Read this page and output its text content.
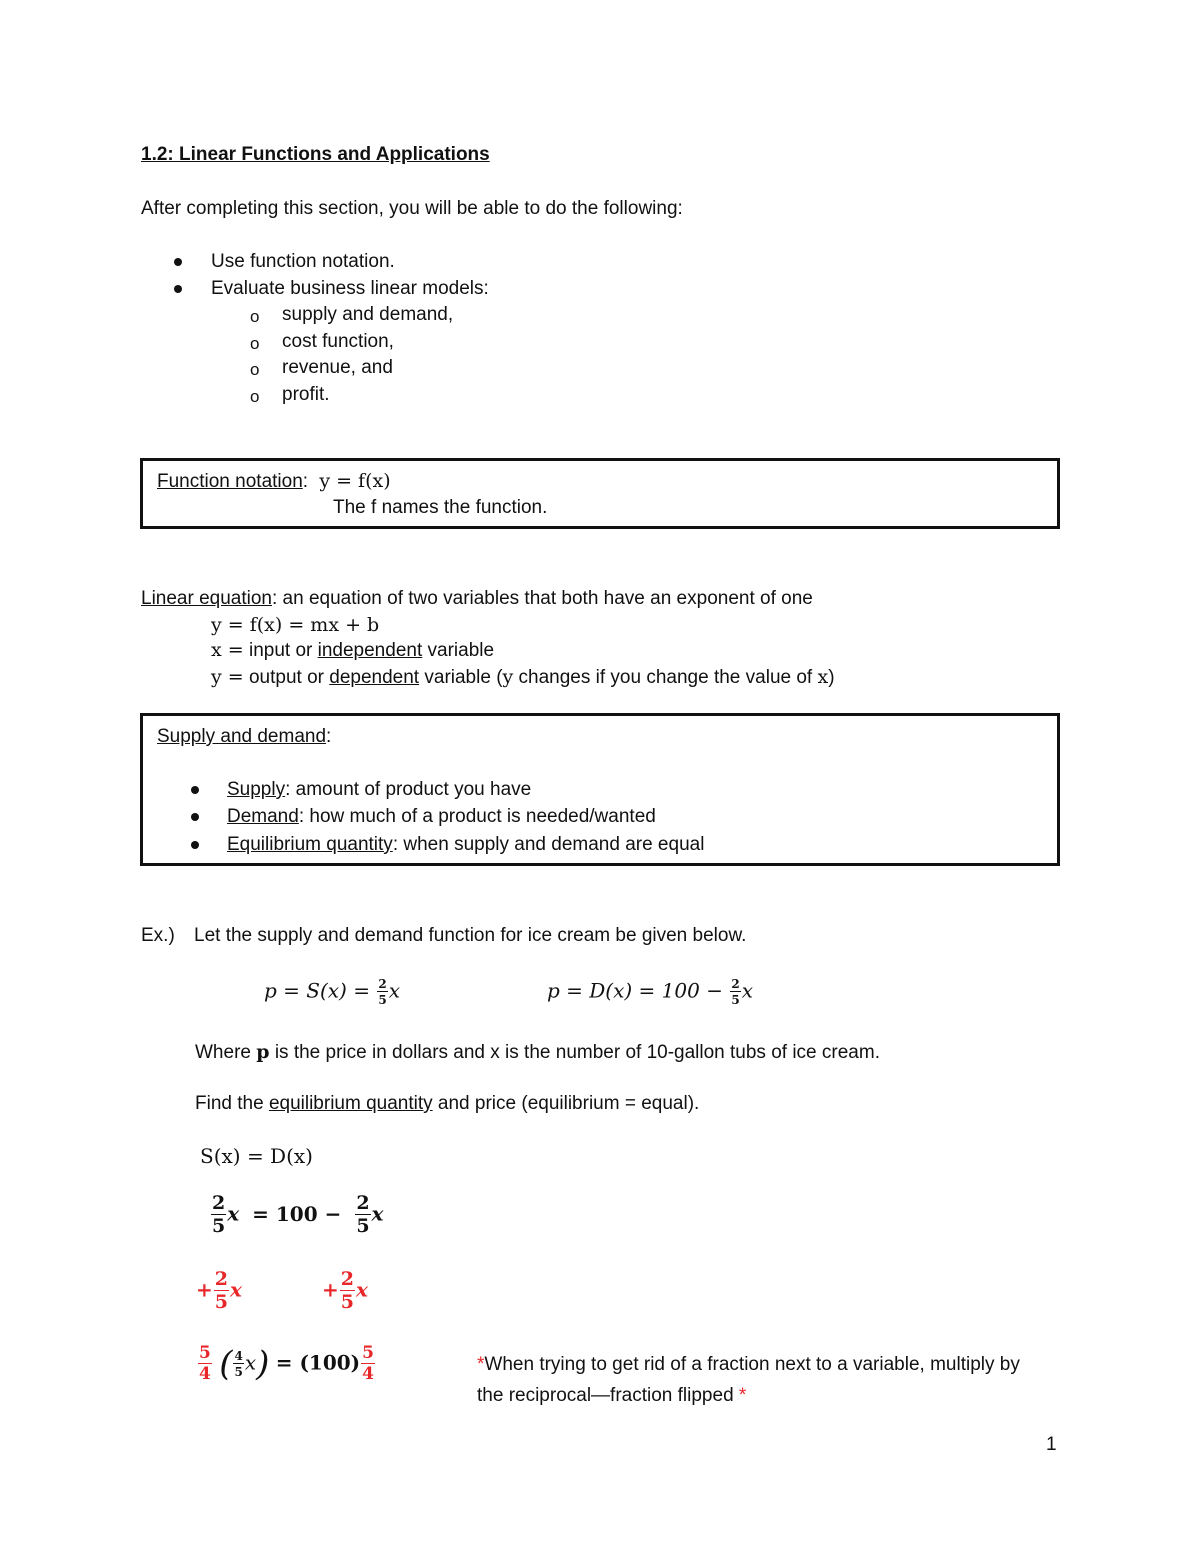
1.2: Linear Functions and Applications
After completing this section, you will be able to do the following:
Use function notation.
Evaluate business linear models:
o supply and demand,
o cost function,
o revenue, and
o profit.
Function notation: y = f(x)
The f names the function.
Linear equation: an equation of two variables that both have an exponent of one
y = f(x) = mx + b
x = input or independent variable
y = output or dependent variable (y changes if you change the value of x)
Supply and demand:
Supply: amount of product you have
Demand: how much of a product is needed/wanted
Equilibrium quantity: when supply and demand are equal
Ex.) Let the supply and demand function for ice cream be given below.
$p = S(x) = \frac{2}{5}$ x	$p = D(x) = 100 - \frac{2}{5}$ x
Where p is the price in dollars and x is the number of 10-gallon tubs of ice cream.
Find the equilibrium quantity and price (equilibrium = equal).
S(x) = D(x)
$\frac{2}{5}$ $x = 100 - \frac{2}{5}$ x
+ $\frac{2}{5}$ x	+ $\frac{2}{5}$ x
$\frac{5}{4}$ ( $\frac{4}{5} x) = (100) \frac{5}{4}$	*When trying to get rid of a fraction next to a variable, multiply by
the reciprocal—fraction flipped *
1
